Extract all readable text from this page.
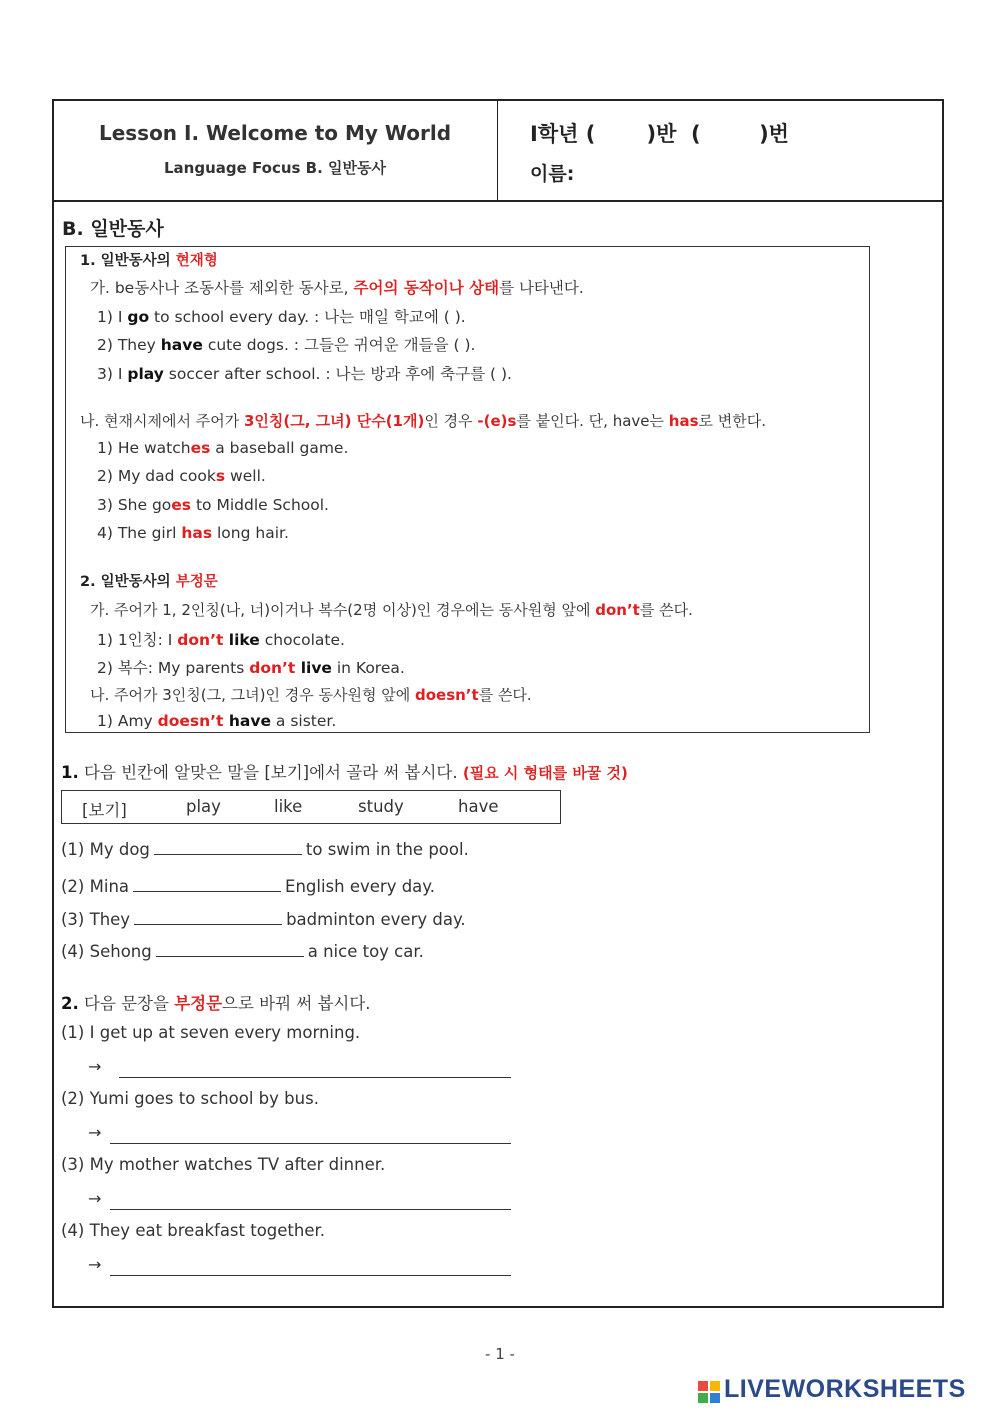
Lesson I. Welcome to My World
Language Focus B. 일반동사
I학년 (       )반  (        )번
이름:
B. 일반동사
1. 일반동사의 현재형
가. be동사나 조동사를 제외한 동사로, 주어의 동작이나 상태를 나타낸다.
1) I go to school every day. : 나는 매일 학교에 ( ).
2) They have cute dogs. : 그들은 귀여운 개들을 ( ).
3) I play soccer after school. : 나는 방과 후에 축구를 ( ).
나. 현재시제에서 주어가 3인칭(그, 그녀) 단수(1개)인 경우 -(e)s를 붙인다. 단, have는 has로 변한다.
1) He watches a baseball game.
2) My dad cooks well.
3) She goes to Middle School.
4) The girl has long hair.
2. 일반동사의 부정문
가. 주어가 1, 2인칭(나, 너)이거나 복수(2명 이상)인 경우에는 동사원형 앞에 don’t를 쓴다.
1) 1인칭: I don’t like chocolate.
2) 복수: My parents don’t live in Korea.
나. 주어가 3인칭(그, 그녀)인 경우 동사원형 앞에 doesn’t를 쓴다.
1) Amy doesn’t have a sister.
1. 다음 빈칸에 알맞은 말을 [보기]에서 골라 써 봅시다. (필요 시 형태를 바꿀 것)
[보기]	play	like	study	have
(1) My dog	to swim in the pool.
(2) Mina	English every day.
(3) They	badminton every day.
(4) Sehong	a nice toy car.
2. 다음 문장을 부정문으로 바꿔 써 봅시다.
(1) I get up at seven every morning.
→
(2) Yumi goes to school by bus.
→
(3) My mother watches TV after dinner.
→
(4) They eat breakfast together.
→
- 1 -
LIVEWORKSHEETS
